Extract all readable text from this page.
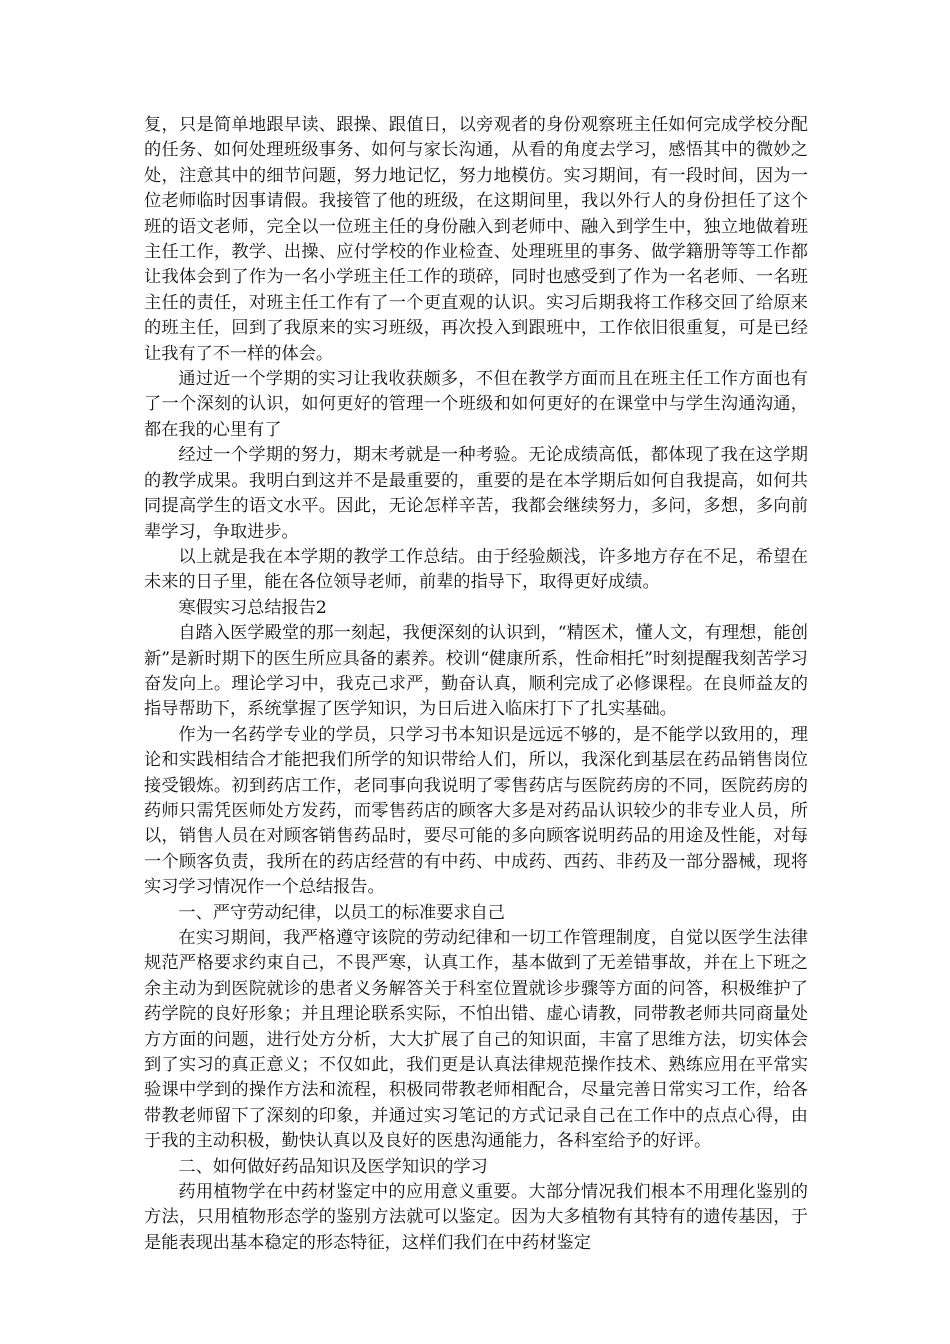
复，只是简单地跟早读、跟操、跟值日，以旁观者的身份观察班主任如何完成学校分配的任务、如何处理班级事务、如何与家长沟通，从看的角度去学习，感悟其中的微妙之处，注意其中的细节问题，努力地记忆，努力地模仿。实习期间，有一段时间，因为一位老师临时因事请假。我接管了他的班级，在这期间里，我以外行人的身份担任了这个班的语文老师，完全以一位班主任的身份融入到老师中、融入到学生中，独立地做着班主任工作，教学、出操、应付学校的作业检查、处理班里的事务、做学籍册等等工作都让我体会到了作为一名小学班主任工作的琐碎，同时也感受到了作为一名老师、一名班主任的责任，对班主任工作有了一个更直观的认识。实习后期我将工作移交回了给原来的班主任，回到了我原来的实习班级，再次投入到跟班中，工作依旧很重复，可是已经让我有了不一样的体会。

通过近一个学期的实习让我收获颇多，不但在教学方面而且在班主任工作方面也有了一个深刻的认识，如何更好的管理一个班级和如何更好的在课堂中与学生沟通沟通，都在我的心里有了

经过一个学期的努力，期末考就是一种考验。无论成绩高低，都体现了我在这学期的教学成果。我明白到这并不是最重要的，重要的是在本学期后如何自我提高，如何共同提高学生的语文水平。因此，无论怎样辛苦，我都会继续努力，多问，多想，多向前辈学习，争取进步。

以上就是我在本学期的教学工作总结。由于经验颇浅，许多地方存在不足，希望在未来的日子里，能在各位领导老师，前辈的指导下，取得更好成绩。

寒假实习总结报告2

自踏入医学殿堂的那一刻起，我便深刻的认识到，“精医术，懂人文，有理想，能创新”是新时期下的医生所应具备的素养。校训“健康所系，性命相托”时刻提醒我刻苦学习奋发向上。理论学习中，我克己求严，勤奋认真，顺利完成了必修课程。在良师益友的指导帮助下，系统掌握了医学知识，为日后进入临床打下了扎实基础。

作为一名药学专业的学员，只学习书本知识是远远不够的，是不能学以致用的，理论和实践相结合才能把我们所学的知识带给人们，所以，我深化到基层在药品销售岗位接受锻炼。初到药店工作，老同事向我说明了零售药店与医院药房的不同，医院药房的药师只需凭医师处方发药，而零售药店的顾客大多是对药品认识较少的非专业人员，所以，销售人员在对顾客销售药品时，要尽可能的多向顾客说明药品的用途及性能，对每一个顾客负责，我所在的药店经营的有中药、中成药、西药、非药及一部分器械，现将实习学习情况作一个总结报告。

一、严守劳动纪律，以员工的标准要求自己

在实习期间，我严格遵守该院的劳动纪律和一切工作管理制度，自觉以医学生法律规范严格要求约束自己，不畏严寒，认真工作，基本做到了无差错事故，并在上下班之余主动为到医院就诊的患者义务解答关于科室位置就诊步骤等方面的问答，积极维护了药学院的良好形象；并且理论联系实际，不怕出错、虚心请教，同带教老师共同商量处方方面的问题，进行处方分析，大大扩展了自己的知识面，丰富了思维方法，切实体会到了实习的真正意义；不仅如此，我们更是认真法律规范操作技术、熟练应用在平常实验课中学到的操作方法和流程，积极同带教老师相配合，尽量完善日常实习工作，给各带教老师留下了深刻的印象，并通过实习笔记的方式记录自己在工作中的点点心得，由于我的主动积极，勤快认真以及良好的医患沟通能力，各科室给予的好评。

二、如何做好药品知识及医学知识的学习

药用植物学在中药材鉴定中的应用意义重要。大部分情况我们根本不用理化鉴别的方法，只用植物形态学的鉴别方法就可以鉴定。因为大多植物有其特有的遗传基因，于是能表现出基本稳定的形态特征，这样们我们在中药材鉴定
